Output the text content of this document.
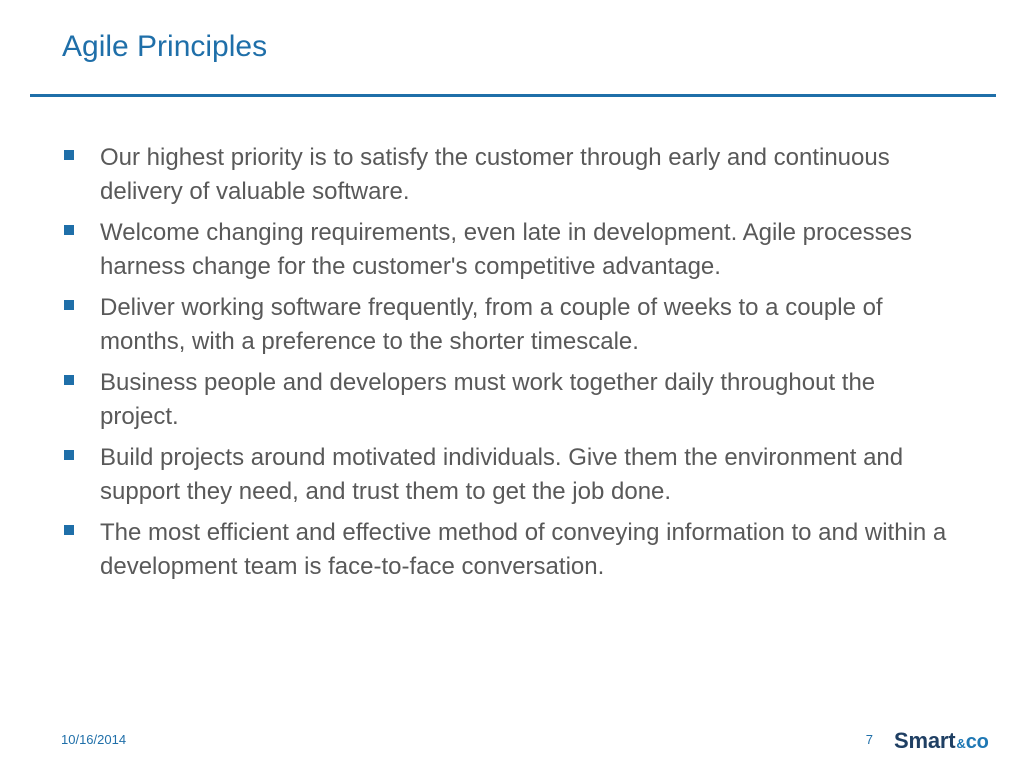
Agile Principles
Our highest priority is to satisfy the customer through early and continuous delivery of valuable software.
Welcome changing requirements, even late in development. Agile processes harness change for the customer's competitive advantage.
Deliver working software frequently, from a couple of weeks to a couple of months, with a preference to the shorter timescale.
Business people and developers must work together daily throughout the project.
Build projects around motivated individuals. Give them the environment and support they need, and trust them to get the job done.
The most efficient and effective method of conveying information to and within a development team is face-to-face conversation.
10/16/2014	7 Smart & co
